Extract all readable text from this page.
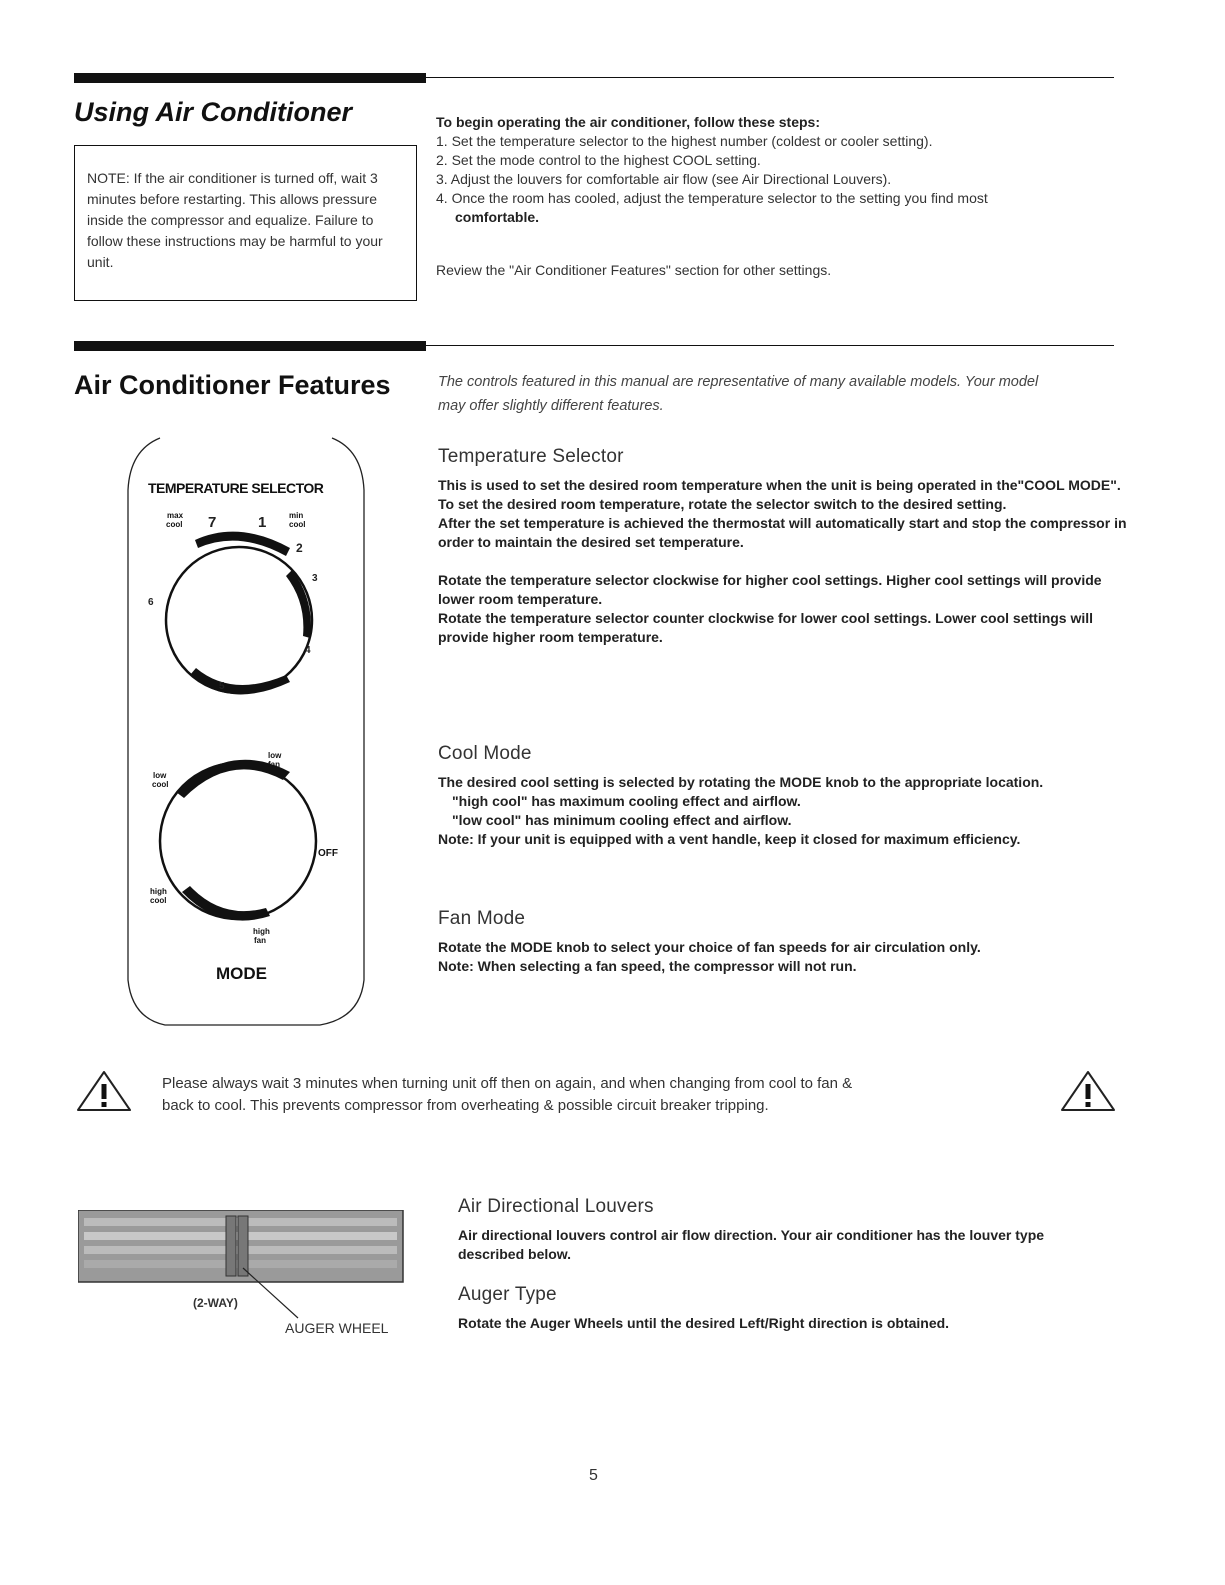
Using Air Conditioner

NOTE: If the air conditioner is turned off, wait 3 minutes before restarting. This allows pressure inside the compressor and equalize. Failure to follow these instructions may be harmful to your unit.

To begin operating the air conditioner, follow these steps:

1. Set the temperature selector to the highest number (coldest or cooler setting).
2. Set the mode control to the highest COOL setting.
3. Adjust the louvers for comfortable air flow (see Air Directional Louvers).
4. Once the room has cooled, adjust the temperature selector to the setting you find most
comfortable.

Review the "Air Conditioner Features" section for other settings.

Air Conditioner Features	The controls featured in this manual are representative of many available models. Your model
may offer slightly different features.
TEMPERATURE SELECTOR
max
cool 7	1	min
cool
2
3
4
5
6
low
fan
low
cool
OFF
high
cool
high
fan
MODE
Temperature Selector

This is used to set the desired room temperature when the unit is being operated in the"COOL MODE".

To set the desired room temperature, rotate the selector switch to the desired setting.

After the set temperature is achieved the thermostat will automatically start and stop the compressor in order to maintain the desired set temperature.

Rotate the temperature selector clockwise for higher cool settings. Higher cool settings will provide lower room temperature.

Rotate the temperature selector counter clockwise for lower cool settings. Lower cool settings will provide higher room temperature.

Cool Mode

The desired cool setting is selected by rotating the MODE knob to the appropriate location.

"high cool" has maximum cooling effect and airflow.

"low cool" has minimum cooling effect and airflow.

Note: If your unit is equipped with a vent handle, keep it closed for maximum efficiency.

Fan Mode

Rotate the MODE knob to select your choice of fan speeds for air circulation only.

Note: When selecting a fan speed, the compressor will not run.

Please always wait 3 minutes when turning unit off then on again, and when changing from cool to fan &

back to cool. This prevents compressor from overheating & possible circuit breaker tripping.

(2-WAY)
AUGER WHEEL
Air Directional Louvers

Air directional louvers control air flow direction. Your air conditioner has the louver type described below.

Auger Type

Rotate the Auger Wheels until the desired Left/Right direction is obtained.

5
